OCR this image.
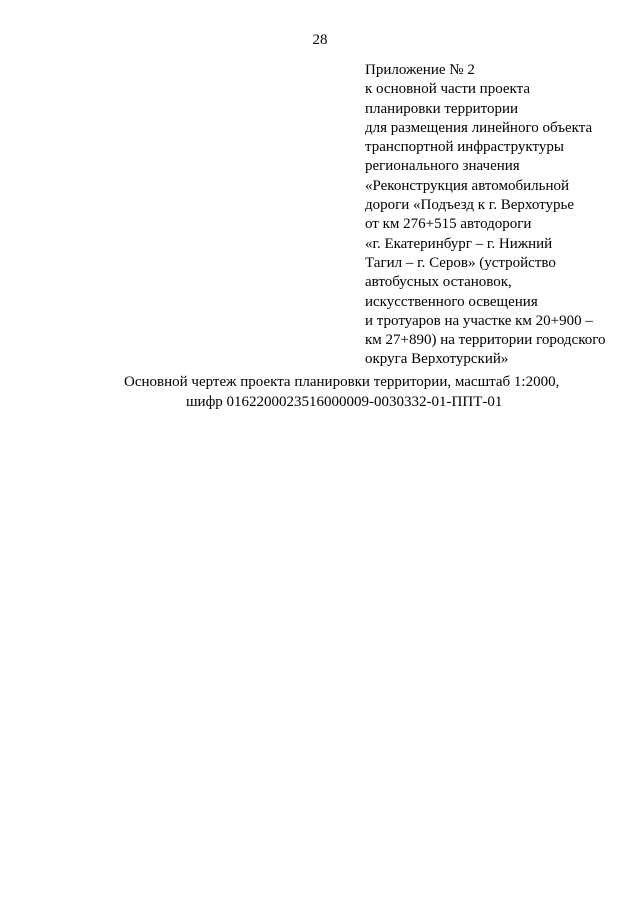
28
Приложение № 2
к основной части проекта
планировки территории
для размещения линейного объекта
транспортной инфраструктуры
регионального значения
«Реконструкция автомобильной
дороги «Подъезд к г. Верхотурье
от км 276+515 автодороги
«г. Екатеринбург – г. Нижний
Тагил – г. Серов» (устройство
автобусных остановок,
искусственного освещения
и тротуаров на участке км 20+900 –
км 27+890) на территории городского
округа Верхотурский»
Основной чертеж проекта планировки территории, масштаб 1:2000,
шифр 0162200023516000009-0030332-01-ППТ-01
